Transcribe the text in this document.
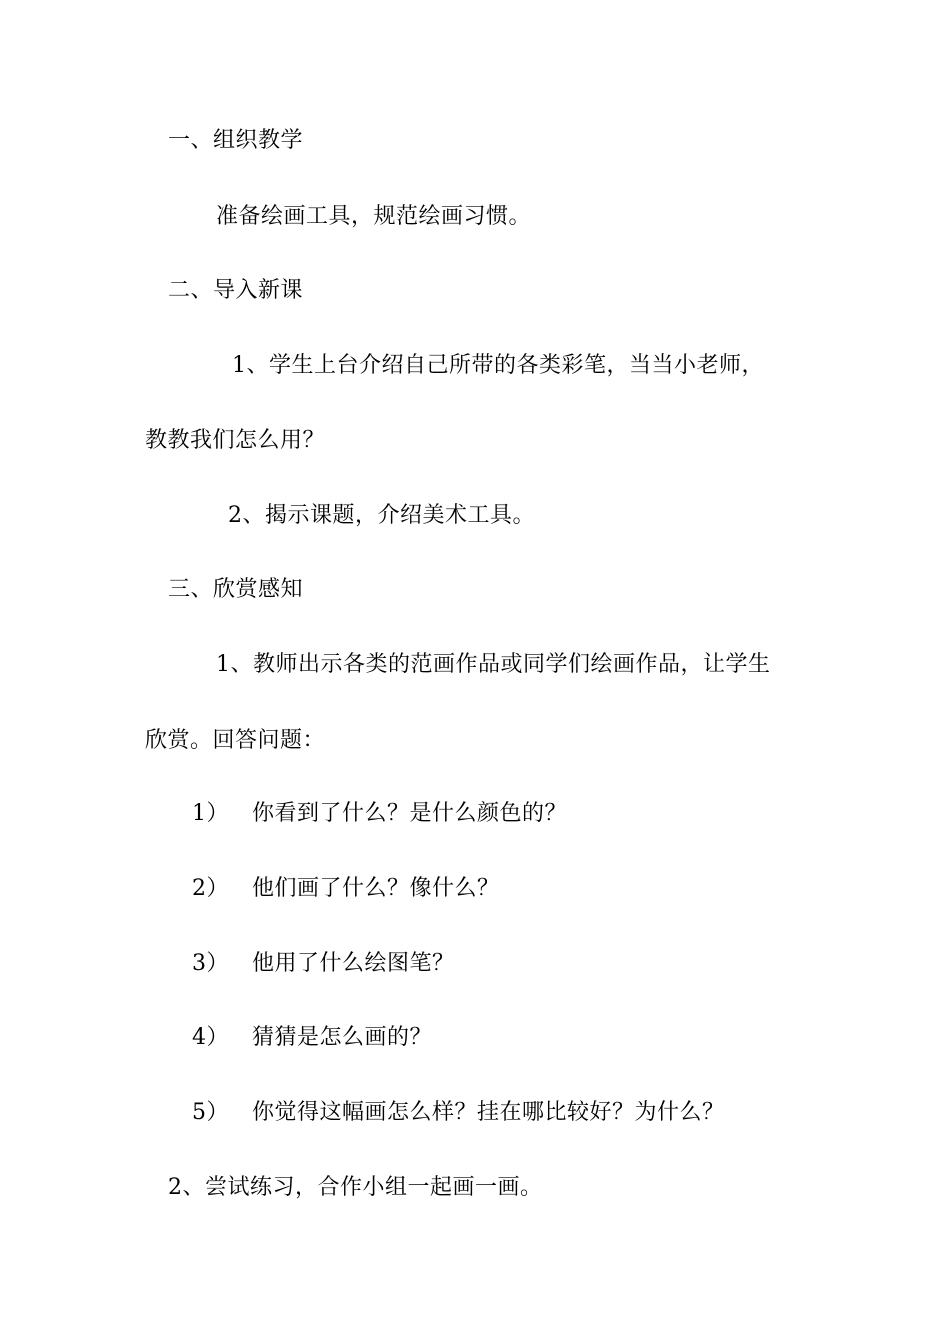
一、组织教学
准备绘画工具，规范绘画习惯。
二、导入新课
1、学生上台介绍自己所带的各类彩笔，当当小老师，
教教我们怎么用？
2、揭示课题，介绍美术工具。
三、欣赏感知
1、教师出示各类的范画作品或同学们绘画作品，让学生
欣赏。回答问题：
1） 你看到了什么？是什么颜色的？
2） 他们画了什么？像什么？
3） 他用了什么绘图笔？
4） 猜猜是怎么画的？
5） 你觉得这幅画怎么样？挂在哪比较好？为什么？
2、尝试练习，合作小组一起画一画。
